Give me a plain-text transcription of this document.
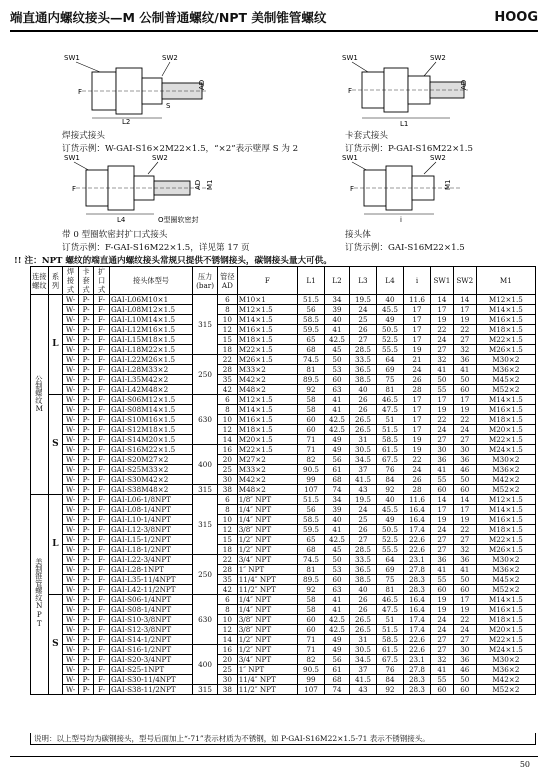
端直通内螺纹接头—M 公制普通螺纹/NPT 美制锥管螺纹	HOOG
SW1	SW2
F
S
AD
L2
焊接式接头
订货示例：W-GAI-S16×2M22×1.5，“×2”表示壁厚 S 为 2
SW1	SW2
F
AD
L1
卡套式接头
订货示例：P-GAI-S16M22×1.5
SW1	SW2
F	AD M1
L4	O型圈软密封
带 0 型圈软密封扩口式接头
订货示例：F-GAI-S16M22×1.5，详见第 17 页
SW1	SW2
F	M1
i
接头体
订货示例：GAI-S16M22×1.5
!! 注：NPT 螺纹的端直通内螺纹接头常规只提供不锈钢接头，碳钢接头量大可供。
连接螺纹	系列	焊接式	卡套式	扩口式	接头体型号	压力(bar)	管径AD	F	L1	L2	L3	L4	i	SW1	SW2	M1
公制螺纹M	L	W-	P-	F-	GAI-L06M10×1	315	6	M10×1	51.5	34	19.5	40	11.6	14	14	M12×1.5
		W-	P-	F-	GAI-L08M12×1.5		8	M12×1.5	56	39	24	45.5	17	17	17	M14×1.5
		W-	P-	F-	GAI-L10M14×1.5		10	M14×1.5	58.5	40	25	49	17	19	19	M16×1.5
		W-	P-	F-	GAI-L12M16×1.5		12	M16×1.5	59.5	41	26	50.5	17	22	22	M18×1.5
		W-	P-	F-	GAI-L15M18×1.5		15	M18×1.5	65	42.5	27	52.5	17	24	27	M22×1.5
		W-	P-	F-	GAI-L18M22×1.5		18	M22×1.5	68	45	28.5	55.5	19	27	32	M26×1.5
		W-	P-	F-	GAI-L22M26×1.5	250	22	M26×1.5	74.5	50	33.5	64	21	32	36	M30×2
		W-	P-	F-	GAI-L28M33×2		28	M33×2	81	53	36.5	69	24	41	41	M36×2
		W-	P-	F-	GAI-L35M42×2		35	M42×2	89.5	60	38.5	75	26	50	50	M45×2
		W-	P-	F-	GAI-L42M48×2		42	M48×2	92	63	40	81	28	55	60	M52×2
	S	W-	P-	F-	GAI-S06M12×1.5	630	6	M12×1.5	58	41	26	46.5	17	17	17	M14×1.5
		W-	P-	F-	GAI-S08M14×1.5		8	M14×1.5	58	41	26	47.5	17	19	19	M16×1.5
		W-	P-	F-	GAI-S10M16×1.5		10	M16×1.5	60	42.5	26.5	51	17	22	22	M18×1.5
		W-	P-	F-	GAI-S12M18×1.5		12	M18×1.5	60	42.5	26.5	51.5	17	24	24	M20×1.5
		W-	P-	F-	GAI-S14M20×1.5		14	M20×1.5	71	49	31	58.5	19	27	27	M22×1.5
		W-	P-	F-	GAI-S16M22×1.5	400	16	M22×1.5	71	49	30.5	61.5	19	30	30	M24×1.5
		W-	P-	F-	GAI-S20M27×2		20	M27×2	82	56	34.5	67.5	22	36	36	M30×2
		W-	P-	F-	GAI-S25M33×2		25	M33×2	90.5	61	37	76	24	41	46	M36×2
		W-	P-	F-	GAI-S30M42×2		30	M42×2	99	68	41.5	84	26	55	50	M42×2
		W-	P-	F-	GAI-S38M48×2	315	38	M48×2	107	74	43	92	28	60	60	M52×2
美制锥管螺纹NPT	L	W-	P-	F-	GAI-L06-1/8NPT	315	6	1/8″ NPT	51.5	34	19.5	40	11.6	14	14	M12×1.5
		W-	P-	F-	GAI-L08-1/4NPT		8	1/4″ NPT	56	39	24	45.5	16.4	17	17	M14×1.5
		W-	P-	F-	GAI-L10-1/4NPT		10	1/4″ NPT	58.5	40	25	49	16.4	19	19	M16×1.5
		W-	P-	F-	GAI-L12-3/8NPT		12	3/8″ NPT	59.5	41	26	50.5	17.4	24	22	M18×1.5
		W-	P-	F-	GAI-L15-1/2NPT		15	1/2″ NPT	65	42.5	27	52.5	22.6	27	27	M22×1.5
		W-	P-	F-	GAI-L18-1/2NPT		18	1/2″ NPT	68	45	28.5	55.5	22.6	27	32	M26×1.5
		W-	P-	F-	GAI-L22-3/4NPT	250	22	3/4″ NPT	74.5	50	33.5	64	23.1	36	36	M30×2
		W-	P-	F-	GAI-L28-1NPT		28	1″ NPT	81	53	36.5	69	27.8	41	41	M36×2
		W-	P-	F-	GAI-L35-11/4NPT		35	11/4″ NPT	89.5	60	38.5	75	28.3	55	50	M45×2
		W-	P-	F-	GAI-L42-11/2NPT		42	11/2″ NPT	92	63	40	81	28.3	60	60	M52×2
	S	W-	P-	F-	GAI-S06-1/4NPT	630	6	1/4″ NPT	58	41	26	46.5	16.4	19	17	M14×1.5
		W-	P-	F-	GAI-S08-1/4NPT		8	1/4″ NPT	58	41	26	47.5	16.4	19	19	M16×1.5
		W-	P-	F-	GAI-S10-3/8NPT		10	3/8″ NPT	60	42.5	26.5	51	17.4	24	22	M18×1.5
		W-	P-	F-	GAI-S12-3/8NPT		12	3/8″ NPT	60	42.5	26.5	51.5	17.4	24	24	M20×1.5
		W-	P-	F-	GAI-S14-1/2NPT		14	1/2″ NPT	71	49	31	58.5	22.6	27	27	M22×1.5
		W-	P-	F-	GAI-S16-1/2NPT	400	16	1/2″ NPT	71	49	30.5	61.5	22.6	27	30	M24×1.5
		W-	P-	F-	GAI-S20-3/4NPT		20	3/4″ NPT	82	56	34.5	67.5	23.1	32	36	M30×2
		W-	P-	F-	GAI-S25-1NPT		25	1″ NPT	90.5	61	37	76	27.8	41	46	M36×2
		W-	P-	F-	GAI-S30-11/4NPT		30	11/4″ NPT	99	68	41.5	84	28.3	55	50	M42×2
		W-	P-	F-	GAI-S38-11/2NPT	315	38	11/2″ NPT	107	74	43	92	28.3	60	60	M52×2
说明：以上型号均为碳钢接头，型号后面加上“-71”表示材质为不锈钢，如 P-GAI-S16M22×1.5-71 表示不锈钢接头。
50
